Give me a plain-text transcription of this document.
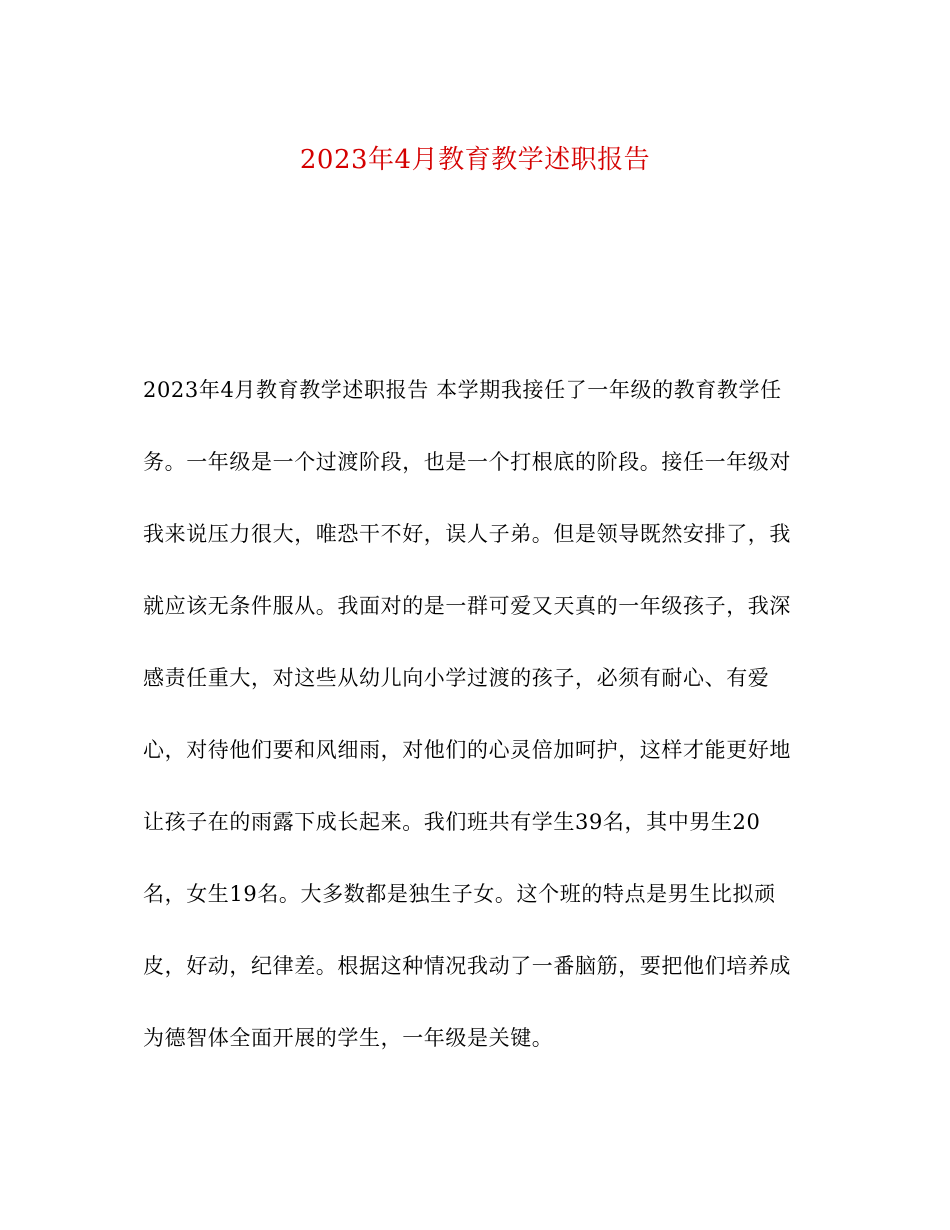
2023年4月教育教学述职报告

2023年4月教育教学述职报告 本学期我接任了一年级的教育教学任

务。一年级是一个过渡阶段，也是一个打根底的阶段。接任一年级对

我来说压力很大，唯恐干不好，误人子弟。但是领导既然安排了，我

就应该无条件服从。我面对的是一群可爱又天真的一年级孩子，我深

感责任重大，对这些从幼儿向小学过渡的孩子，必须有耐心、有爱

心，对待他们要和风细雨，对他们的心灵倍加呵护，这样才能更好地

让孩子在的雨露下成长起来。我们班共有学生39名，其中男生20

名，女生19名。大多数都是独生子女。这个班的特点是男生比拟顽

皮，好动，纪律差。根据这种情况我动了一番脑筋，要把他们培养成

为德智体全面开展的学生，一年级是关键。
